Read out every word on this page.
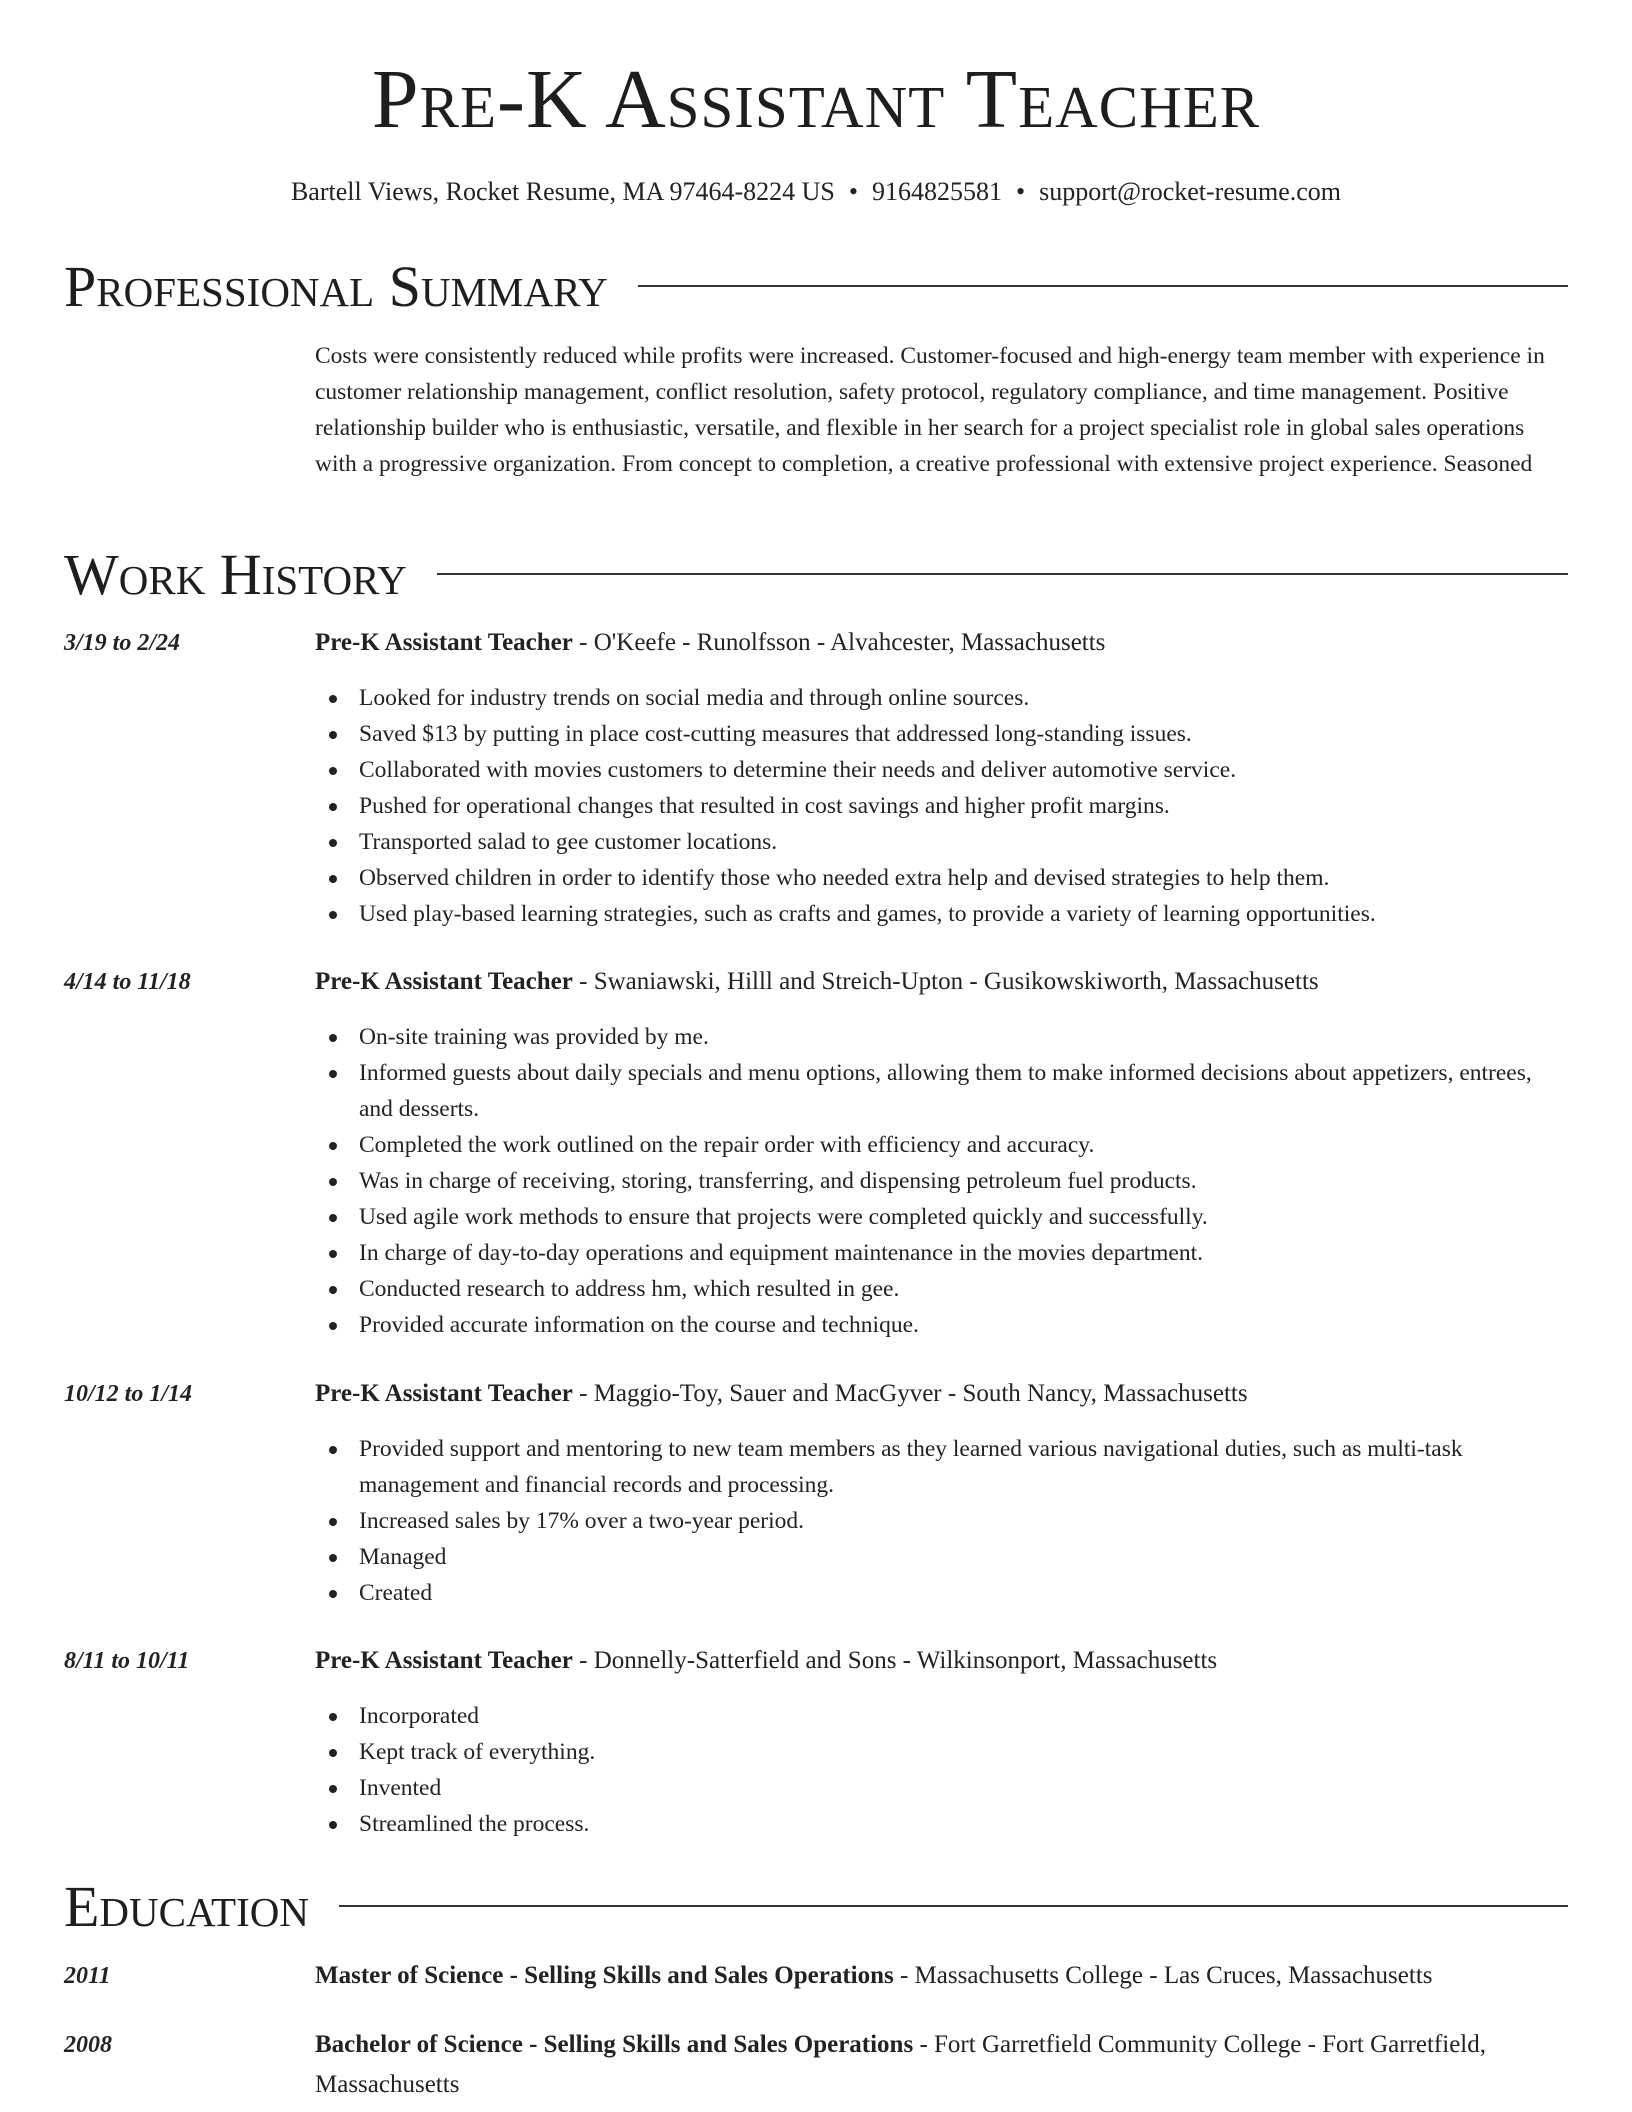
Pre-K Assistant Teacher
Bartell Views, Rocket Resume, MA 97464-8224 US • 9164825581 • support@rocket-resume.com
Professional Summary
Costs were consistently reduced while profits were increased. Customer-focused and high-energy team member with experience in customer relationship management, conflict resolution, safety protocol, regulatory compliance, and time management. Positive relationship builder who is enthusiastic, versatile, and flexible in her search for a project specialist role in global sales operations with a progressive organization. From concept to completion, a creative professional with extensive project experience. Seasoned
Work History
3/19 to 2/24	Pre-K Assistant Teacher - O'Keefe - Runolfsson - Alvahcester, Massachusetts
Looked for industry trends on social media and through online sources.
Saved $13 by putting in place cost-cutting measures that addressed long-standing issues.
Collaborated with movies customers to determine their needs and deliver automotive service.
Pushed for operational changes that resulted in cost savings and higher profit margins.
Transported salad to gee customer locations.
Observed children in order to identify those who needed extra help and devised strategies to help them.
Used play-based learning strategies, such as crafts and games, to provide a variety of learning opportunities.
4/14 to 11/18	Pre-K Assistant Teacher - Swaniawski, Hilll and Streich-Upton - Gusikowskiworth, Massachusetts
On-site training was provided by me.
Informed guests about daily specials and menu options, allowing them to make informed decisions about appetizers, entrees, and desserts.
Completed the work outlined on the repair order with efficiency and accuracy.
Was in charge of receiving, storing, transferring, and dispensing petroleum fuel products.
Used agile work methods to ensure that projects were completed quickly and successfully.
In charge of day-to-day operations and equipment maintenance in the movies department.
Conducted research to address hm, which resulted in gee.
Provided accurate information on the course and technique.
10/12 to 1/14	Pre-K Assistant Teacher - Maggio-Toy, Sauer and MacGyver - South Nancy, Massachusetts
Provided support and mentoring to new team members as they learned various navigational duties, such as multi-task management and financial records and processing.
Increased sales by 17% over a two-year period.
Managed
Created
8/11 to 10/11	Pre-K Assistant Teacher - Donnelly-Satterfield and Sons - Wilkinsonport, Massachusetts
Incorporated
Kept track of everything.
Invented
Streamlined the process.
Education
2011	Master of Science - Selling Skills and Sales Operations - Massachusetts College - Las Cruces, Massachusetts
2008	Bachelor of Science - Selling Skills and Sales Operations - Fort Garretfield Community College - Fort Garretfield, Massachusetts
